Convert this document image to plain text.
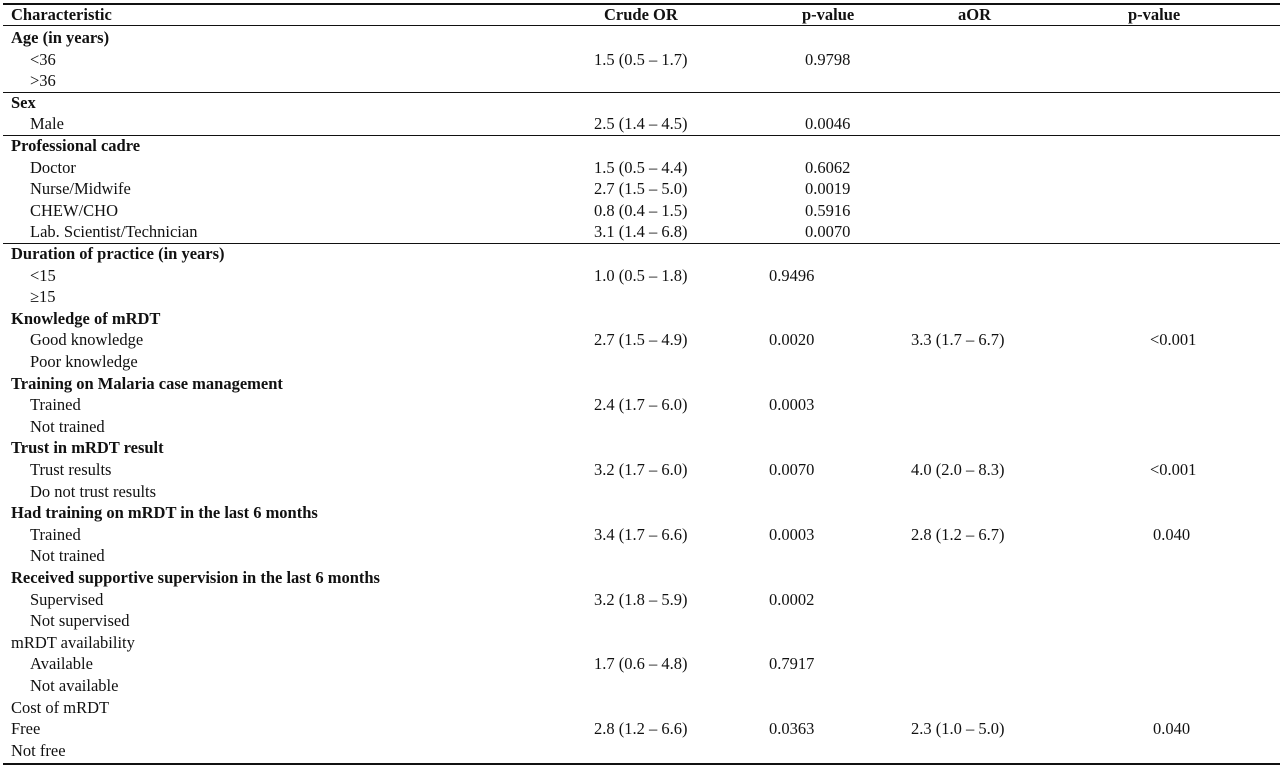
Characteristic	Crude OR	p-value	aOR	p-value
Age (in years)
<36	1.5 (0.5 – 1.7)	0.9798
>36
Sex
Male	2.5 (1.4 – 4.5)	0.0046
Professional cadre
Doctor	1.5 (0.5 – 4.4)	0.6062
Nurse/Midwife	2.7 (1.5 – 5.0)	0.0019
CHEW/CHO	0.8 (0.4 – 1.5)	0.5916
Lab. Scientist/Technician	3.1 (1.4 – 6.8)	0.0070
Duration of practice (in years)
<15	1.0 (0.5 – 1.8)	0.9496
≥15
Knowledge of mRDT
Good knowledge	2.7 (1.5 – 4.9)	0.0020	3.3 (1.7 – 6.7)	<0.001
Poor knowledge
Training on Malaria case management
Trained	2.4 (1.7 – 6.0)	0.0003
Not trained
Trust in mRDT result
Trust results	3.2 (1.7 – 6.0)	0.0070	4.0 (2.0 – 8.3)	<0.001
Do not trust results
Had training on mRDT in the last 6 months
Trained	3.4 (1.7 – 6.6)	0.0003	2.8 (1.2 – 6.7)	0.040
Not trained
Received supportive supervision in the last 6 months
Supervised	3.2 (1.8 – 5.9)	0.0002
Not supervised
mRDT availability
Available	1.7 (0.6 – 4.8)	0.7917
Not available
Cost of mRDT
Free	2.8 (1.2 – 6.6)	0.0363	2.3 (1.0 – 5.0)	0.040
Not free
